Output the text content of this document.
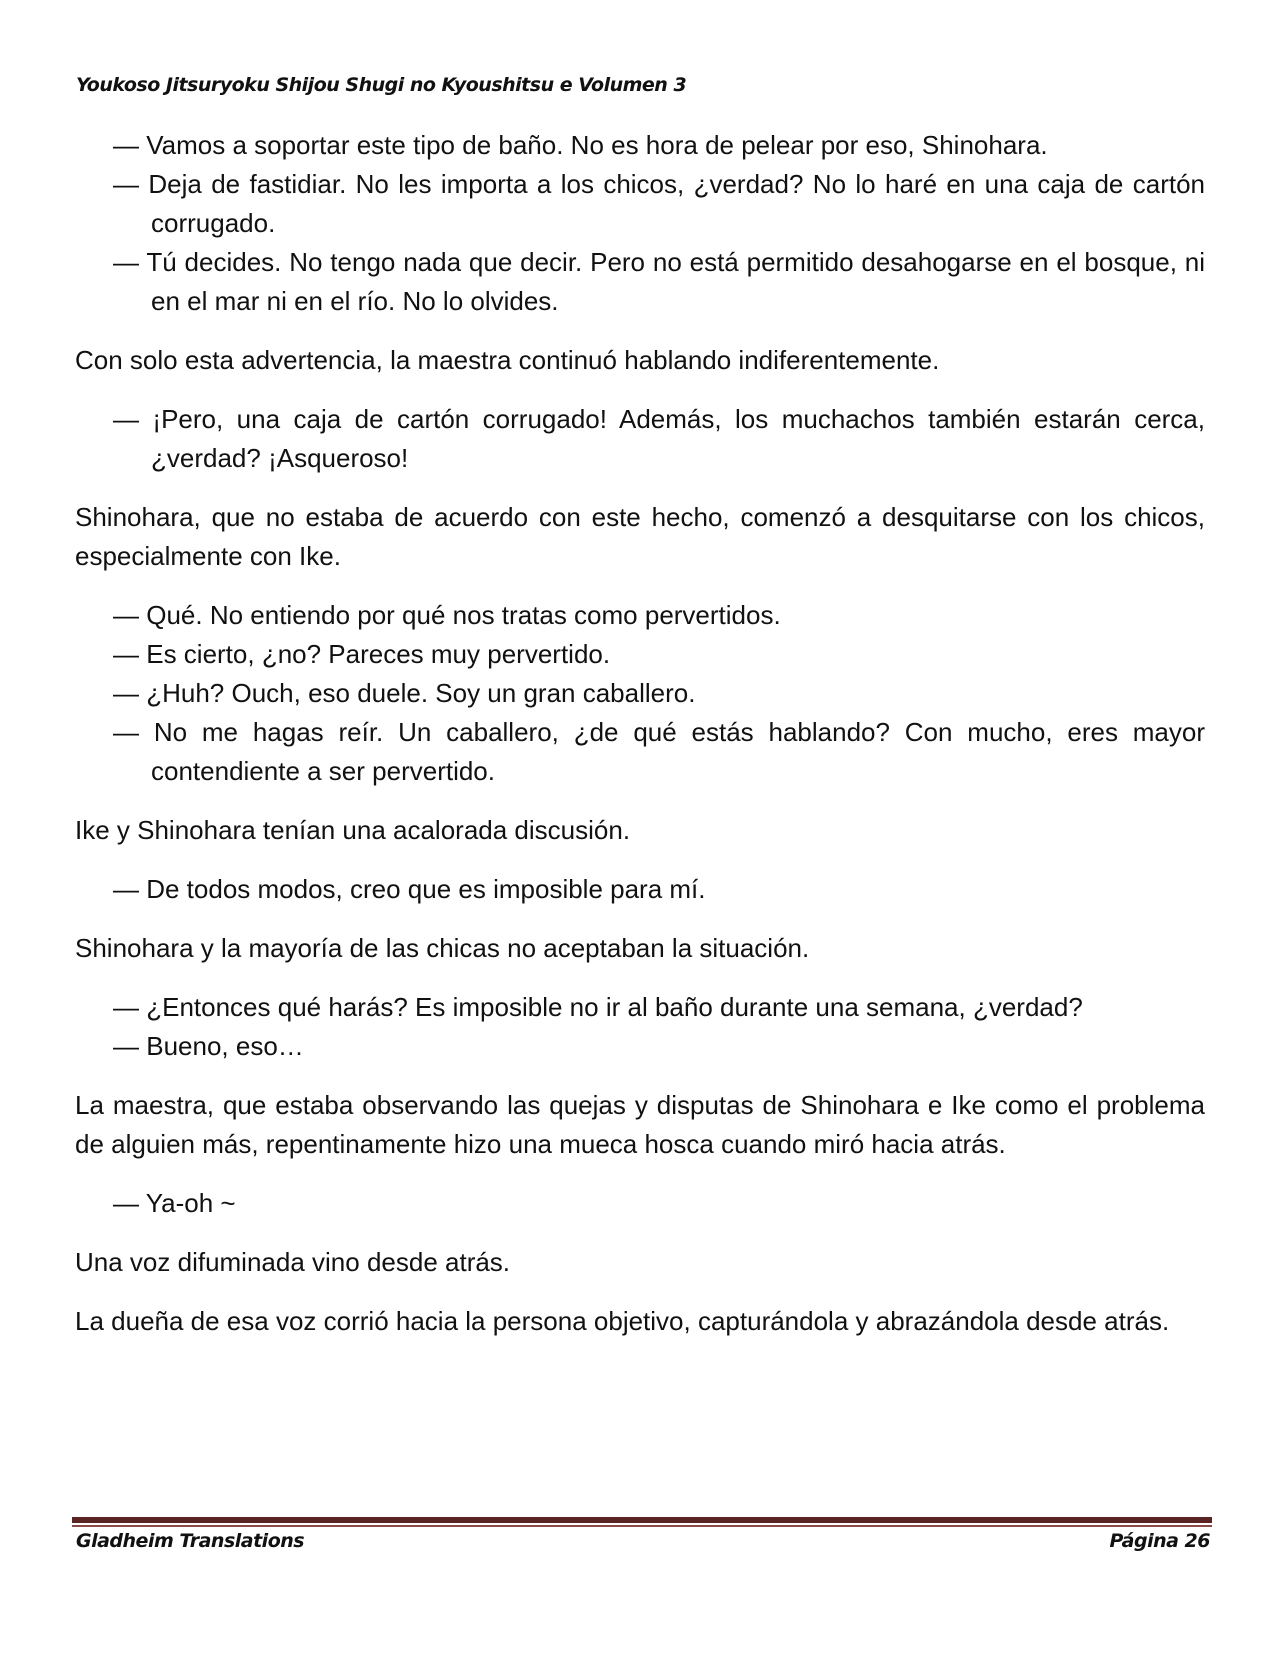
Youkoso Jitsuryoku Shijou Shugi no Kyoushitsu e Volumen 3
— Vamos a soportar este tipo de baño. No es hora de pelear por eso, Shinohara.
— Deja de fastidiar. No les importa a los chicos, ¿verdad? No lo haré en una caja de cartón corrugado.
— Tú decides. No tengo nada que decir. Pero no está permitido desahogarse en el bosque, ni en el mar ni en el río. No lo olvides.
Con solo esta advertencia, la maestra continuó hablando indiferentemente.
— ¡Pero, una caja de cartón corrugado! Además, los muchachos también estarán cerca, ¿verdad? ¡Asqueroso!
Shinohara, que no estaba de acuerdo con este hecho, comenzó a desquitarse con los chicos, especialmente con Ike.
— Qué. No entiendo por qué nos tratas como pervertidos.
— Es cierto, ¿no? Pareces muy pervertido.
— ¿Huh? Ouch, eso duele. Soy un gran caballero.
— No me hagas reír. Un caballero, ¿de qué estás hablando? Con mucho, eres mayor contendiente a ser pervertido.
Ike y Shinohara tenían una acalorada discusión.
— De todos modos, creo que es imposible para mí.
Shinohara y la mayoría de las chicas no aceptaban la situación.
— ¿Entonces qué harás? Es imposible no ir al baño durante una semana, ¿verdad?
— Bueno, eso…
La maestra, que estaba observando las quejas y disputas de Shinohara e Ike como el problema de alguien más, repentinamente hizo una mueca hosca cuando miró hacia atrás.
— Ya-oh ~
Una voz difuminada vino desde atrás.
La dueña de esa voz corrió hacia la persona objetivo, capturándola y abrazándola desde atrás.
Gladheim Translations	Página 26
